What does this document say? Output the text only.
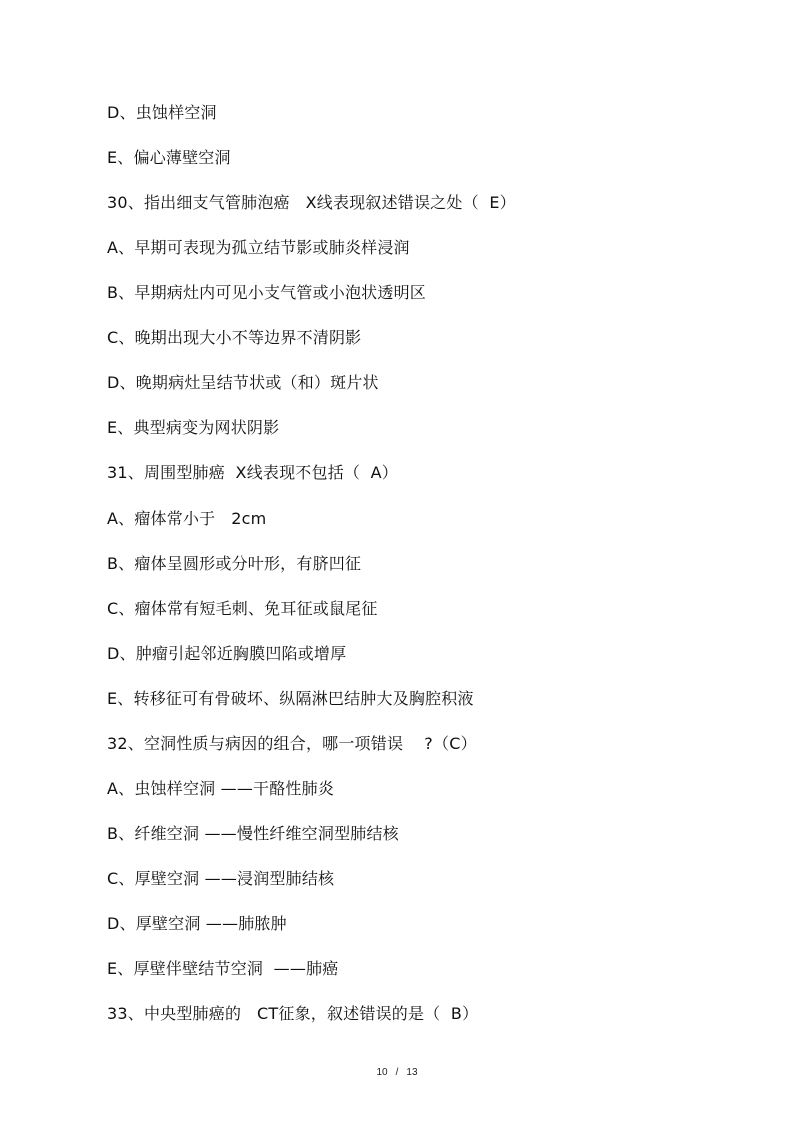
D、虫蚀样空洞
E、偏心薄壁空洞
30、指出细支气管肺泡癌   X线表现叙述错误之处（  E）
A、早期可表现为孤立结节影或肺炎样浸润
B、早期病灶内可见小支气管或小泡状透明区
C、晚期出现大小不等边界不清阴影
D、晚期病灶呈结节状或（和）斑片状
E、典型病变为网状阴影
31、周围型肺癌  X线表现不包括（  A）
A、瘤体常小于   2cm
B、瘤体呈圆形或分叶形，有脐凹征
C、瘤体常有短毛刺、免耳征或鼠尾征
D、肿瘤引起邻近胸膜凹陷或增厚
E、转移征可有骨破坏、纵隔淋巴结肿大及胸腔积液
32、空洞性质与病因的组合，哪一项错误    ?（C）
A、虫蚀样空洞 ——干酪性肺炎
B、纤维空洞 ——慢性纤维空洞型肺结核
C、厚壁空洞 ——浸润型肺结核
D、厚壁空洞 ——肺脓肿
E、厚壁伴壁结节空洞  ——肺癌
33、中央型肺癌的   CT征象，叙述错误的是（  B）
10 / 13
